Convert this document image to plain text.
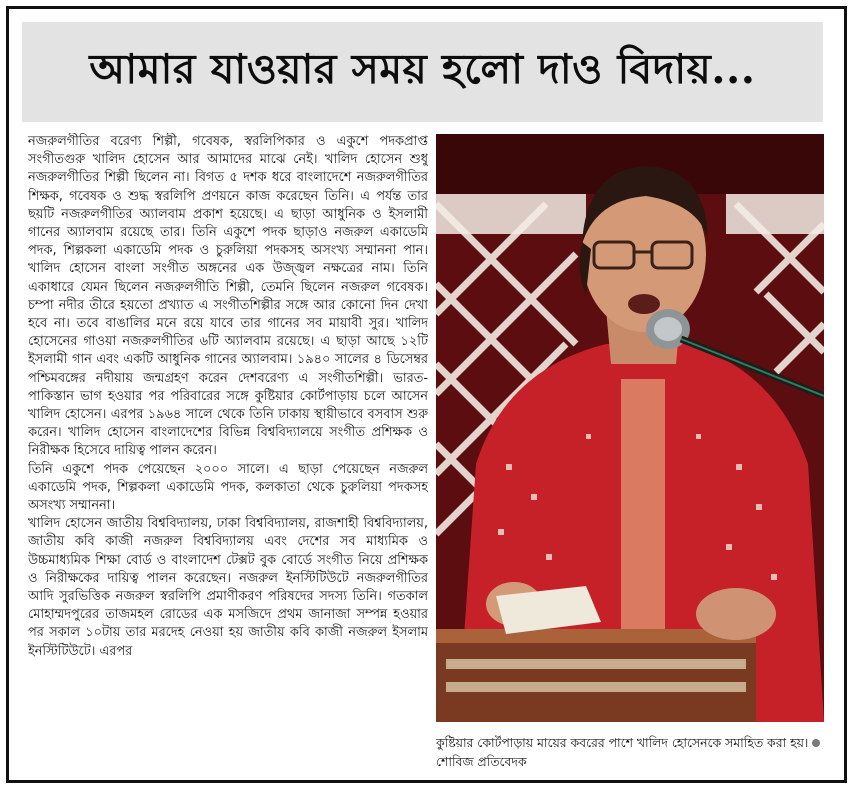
আমার যাওয়ার সময় হলো দাও বিদায়...

নজরুলগীতির বরেণ্য শিল্পী, গবেষক, স্বরলিপিকার ও একুশে পদকপ্রাপ্ত সংগীতগুরু খালিদ হোসেন আর আমাদের মাঝে নেই। খালিদ হোসেন শুধু নজরুলগীতির শিল্পী ছিলেন না। বিগত ৫ দশক ধরে বাংলাদেশে নজরুলগীতির শিক্ষক, গবেষক ও শুদ্ধ স্বরলিপি প্রণয়নে কাজ করেছেন তিনি। এ পর্যন্ত তার ছয়টি নজরুলগীতির অ্যালবাম প্রকাশ হয়েছে। এ ছাড়া আধুনিক ও ইসলামী গানের অ্যালবাম রয়েছে তার। তিনি একুশে পদক ছাড়াও নজরুল একাডেমি পদক, শিল্পকলা একাডেমি পদক ও চুরুলিয়া পদকসহ অসংখ্য সম্মাননা পান। খালিদ হোসেন বাংলা সংগীত অঙ্গনের এক উজ্জ্বল নক্ষত্রের নাম। তিনি একাধারে যেমন ছিলেন নজরুলগীতি শিল্পী, তেমনি ছিলেন নজরুল গবেষক। চম্পা নদীর তীরে হয়তো প্রখ্যাত এ সংগীতশিল্পীর সঙ্গে আর কোনো দিন দেখা হবে না। তবে বাঙালির মনে রয়ে যাবে তার গানের সব মায়াবী সুর। খালিদ হোসেনের গাওয়া নজরুলগীতির ৬টি অ্যালবাম রয়েছে। এ ছাড়া আছে ১২টি ইসলামী গান এবং একটি আধুনিক গানের অ্যালবাম। ১৯৪০ সালের ৪ ডিসেম্বর পশ্চিমবঙ্গের নদীয়ায় জন্মগ্রহণ করেন দেশবরেণ্য এ সংগীতশিল্পী। ভারত-পাকিস্তান ভাগ হওয়ার পর পরিবারের সঙ্গে কুষ্টিয়ার কোর্টপাড়ায় চলে আসেন খালিদ হোসেন। এরপর ১৯৬৪ সালে থেকে তিনি ঢাকায় স্থায়ীভাবে বসবাস শুরু করেন। খালিদ হোসেন বাংলাদেশের বিভিন্ন বিশ্ববিদ্যালয়ে সংগীত প্রশিক্ষক ও নিরীক্ষক হিসেবে দায়িত্ব পালন করেন।

তিনি একুশে পদক পেয়েছেন ২০০০ সালে। এ ছাড়া পেয়েছেন নজরুল একাডেমি পদক, শিল্পকলা একাডেমি পদক, কলকাতা থেকে চুরুলিয়া পদকসহ অসংখ্য সম্মাননা।

খালিদ হোসেন জাতীয় বিশ্ববিদ্যালয়, ঢাকা বিশ্ববিদ্যালয়, রাজশাহী বিশ্ববিদ্যালয়, জাতীয় কবি কাজী নজরুল বিশ্ববিদ্যালয় এবং দেশের সব মাধ্যমিক ও উচ্চমাধ্যমিক শিক্ষা বোর্ড ও বাংলাদেশ টেক্সট বুক বোর্ডে সংগীত নিয়ে প্রশিক্ষক ও নিরীক্ষকের দায়িত্ব পালন করেছেন। নজরুল ইনস্টিটিউটে নজরুলগীতির আদি সুরভিত্তিক নজরুল স্বরলিপি প্রমাণীকরণ পরিষদের সদস্য তিনি। গতকাল মোহাম্মদপুরের তাজমহল রোডের এক মসজিদে প্রথম জানাজা সম্পন্ন হওয়ার পর সকাল ১০টায় তার মরদেহ নেওয়া হয় জাতীয় কবি কাজী নজরুল ইসলাম ইনস্টিটিউটে। এরপর

কুষ্টিয়ার কোর্টপাড়ায় মায়ের কবরের পাশে খালিদ হোসেনকে সমাহিত করা হয়।শোবিজ প্রতিবেদক
